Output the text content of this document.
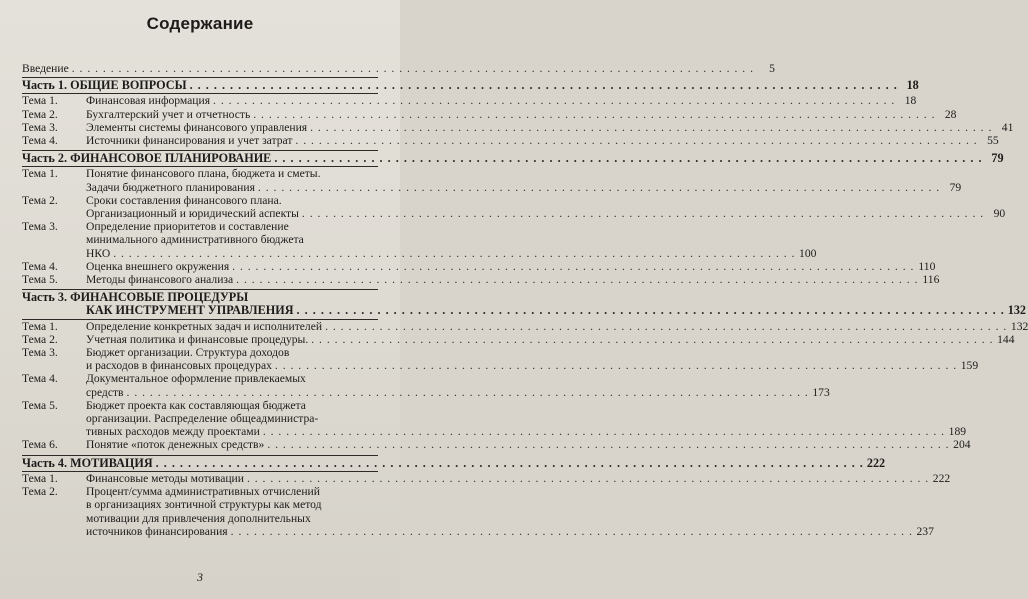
Содержание
Введение . . .	5
Часть 1. ОБЩИЕ ВОПРОСЫ . . .	18
Тема 1.	Финансовая информация . . .	18
Тема 2.	Бухгалтерский учет и отчетность . . .	28
Тема 3.	Элементы системы финансового управления . . .	41
Тема 4.	Источники финансирования и учет затрат . . .	55
Часть 2. ФИНАНСОВОЕ ПЛАНИРОВАНИЕ . . .	79
Тема 1.	Понятие финансового плана, бюджета и сметы.
Задачи бюджетного планирования . . .	79
Тема 2.	Сроки составления финансового плана.
Организационный и юридический аспекты . . .	90
Тема 3.	Определение приоритетов и составление
минимального административного бюджета
НКО . . .	100
Тема 4.	Оценка внешнего окружения . . .	110
Тема 5.	Методы финансового анализа . . .	116
Часть 3. ФИНАНСОВЫЕ ПРОЦЕДУРЫ
КАК ИНСТРУМЕНТ УПРАВЛЕНИЯ . . .	132
Тема 1.	Определение конкретных задач и исполнителей . . .	132
Тема 2.	Учетная политика и финансовые процедуры. . . .	144
Тема 3.	Бюджет организации. Структура доходов
и расходов в финансовых процедурах . . .	159
Тема 4.	Документальное оформление привлекаемых
средств . . .	173
Тема 5.	Бюджет проекта как составляющая бюджета
организации. Распределение общеадминистра-
тивных расходов между проектами . . .	189
Тема 6.	Понятие «поток денежных средств» . . .	204
Часть 4. МОТИВАЦИЯ . . .	222
Тема 1.	Финансовые методы мотивации . . .	222
Тема 2.	Процент/сумма административных отчислений
в организациях зонтичной структуры как метод
мотивации для привлечения дополнительных
источников финансирования . . .	237
3
